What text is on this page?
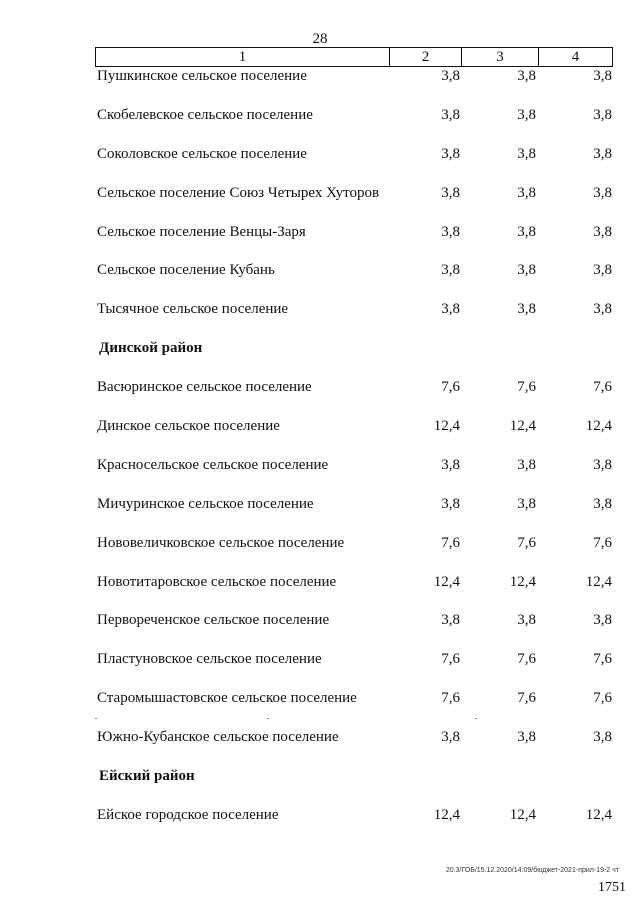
28
1	2	3	4
Пушкинское сельское поселение	3,8	3,8	3,8
Скобелевское сельское поселение	3,8	3,8	3,8
Соколовское сельское поселение	3,8	3,8	3,8
Сельское поселение Союз Четырех Хуторов	3,8	3,8	3,8
Сельское поселение Венцы-Заря	3,8	3,8	3,8
Сельское поселение Кубань	3,8	3,8	3,8
Тысячное сельское поселение	3,8	3,8	3,8
Динской район
Васюринское сельское поселение	7,6	7,6	7,6
Динское сельское поселение	12,4	12,4	12,4
Красносельское сельское поселение	3,8	3,8	3,8
Мичуринское сельское поселение	3,8	3,8	3,8
Нововеличковское сельское поселение	7,6	7,6	7,6
Новотитаровское сельское поселение	12,4	12,4	12,4
Первореченское сельское поселение	3,8	3,8	3,8
Пластуновское сельское поселение	7,6	7,6	7,6
Старомышастовское сельское поселение	7,6	7,6	7,6
Южно-Кубанское сельское поселение	3,8	3,8	3,8
Ейский район
Ейское городское поселение	12,4	12,4	12,4
20.3/ГОБ/15.12.2020/14:09/бюджет-2021-прил-19-2 чт
1751
